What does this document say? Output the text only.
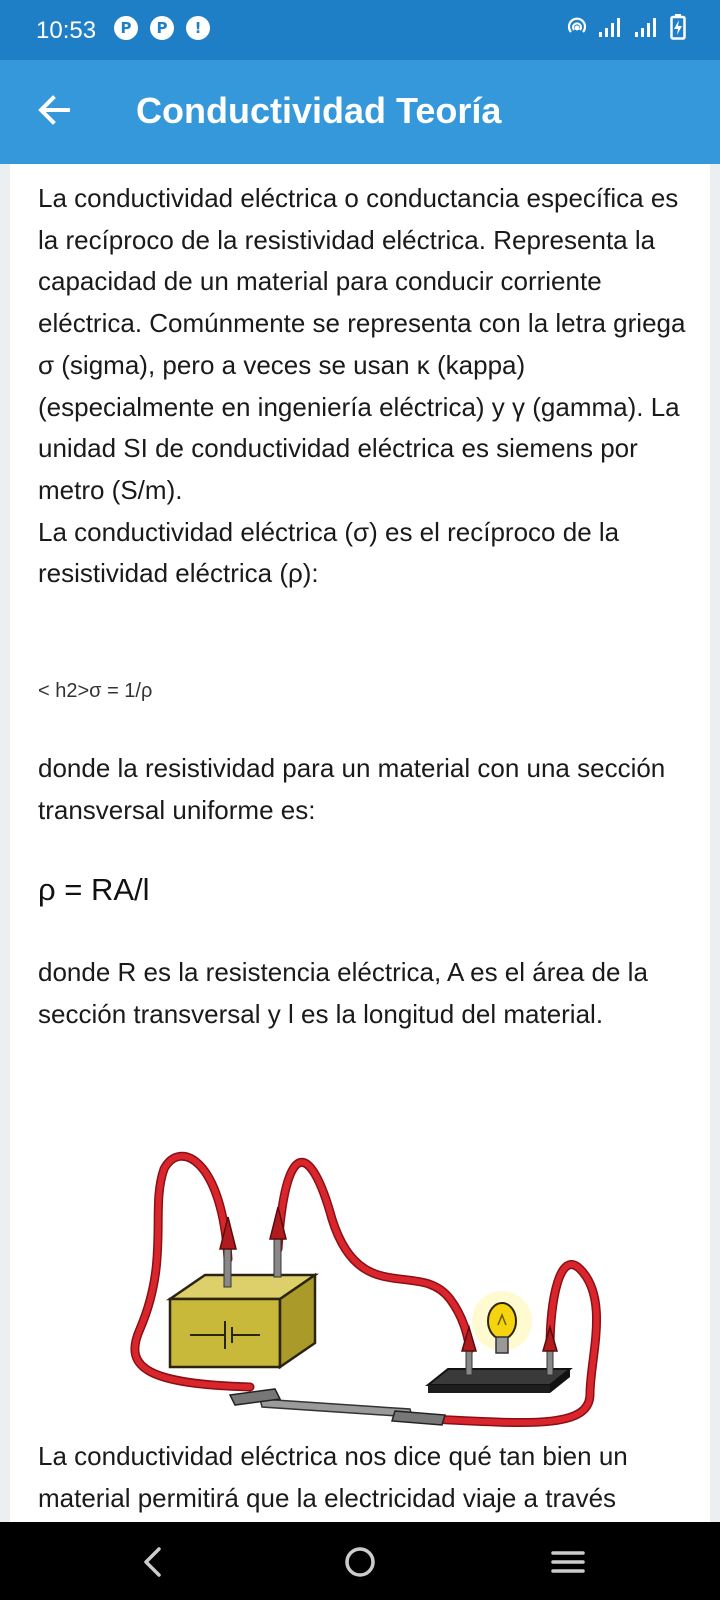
10:53	P	P	!
Conductividad Teoría
La conductividad eléctrica o conductancia específica es la recíproco de la resistividad eléctrica. Representa la capacidad de un material para conducir corriente eléctrica. Comúnmente se representa con la letra griega σ (sigma), pero a veces se usan κ (kappa) (especialmente en ingeniería eléctrica) y γ (gamma). La unidad SI de conductividad eléctrica es siemens por metro (S/m).
La conductividad eléctrica (σ) es el recíproco de la resistividad eléctrica (ρ):
< h2>σ = 1/ρ
donde la resistividad para un material con una sección transversal uniforme es:
ρ = RA/l
donde R es la resistencia eléctrica, A es el área de la sección transversal y l es la longitud del material.
La conductividad eléctrica nos dice qué tan bien un material permitirá que la electricidad viaje a través
